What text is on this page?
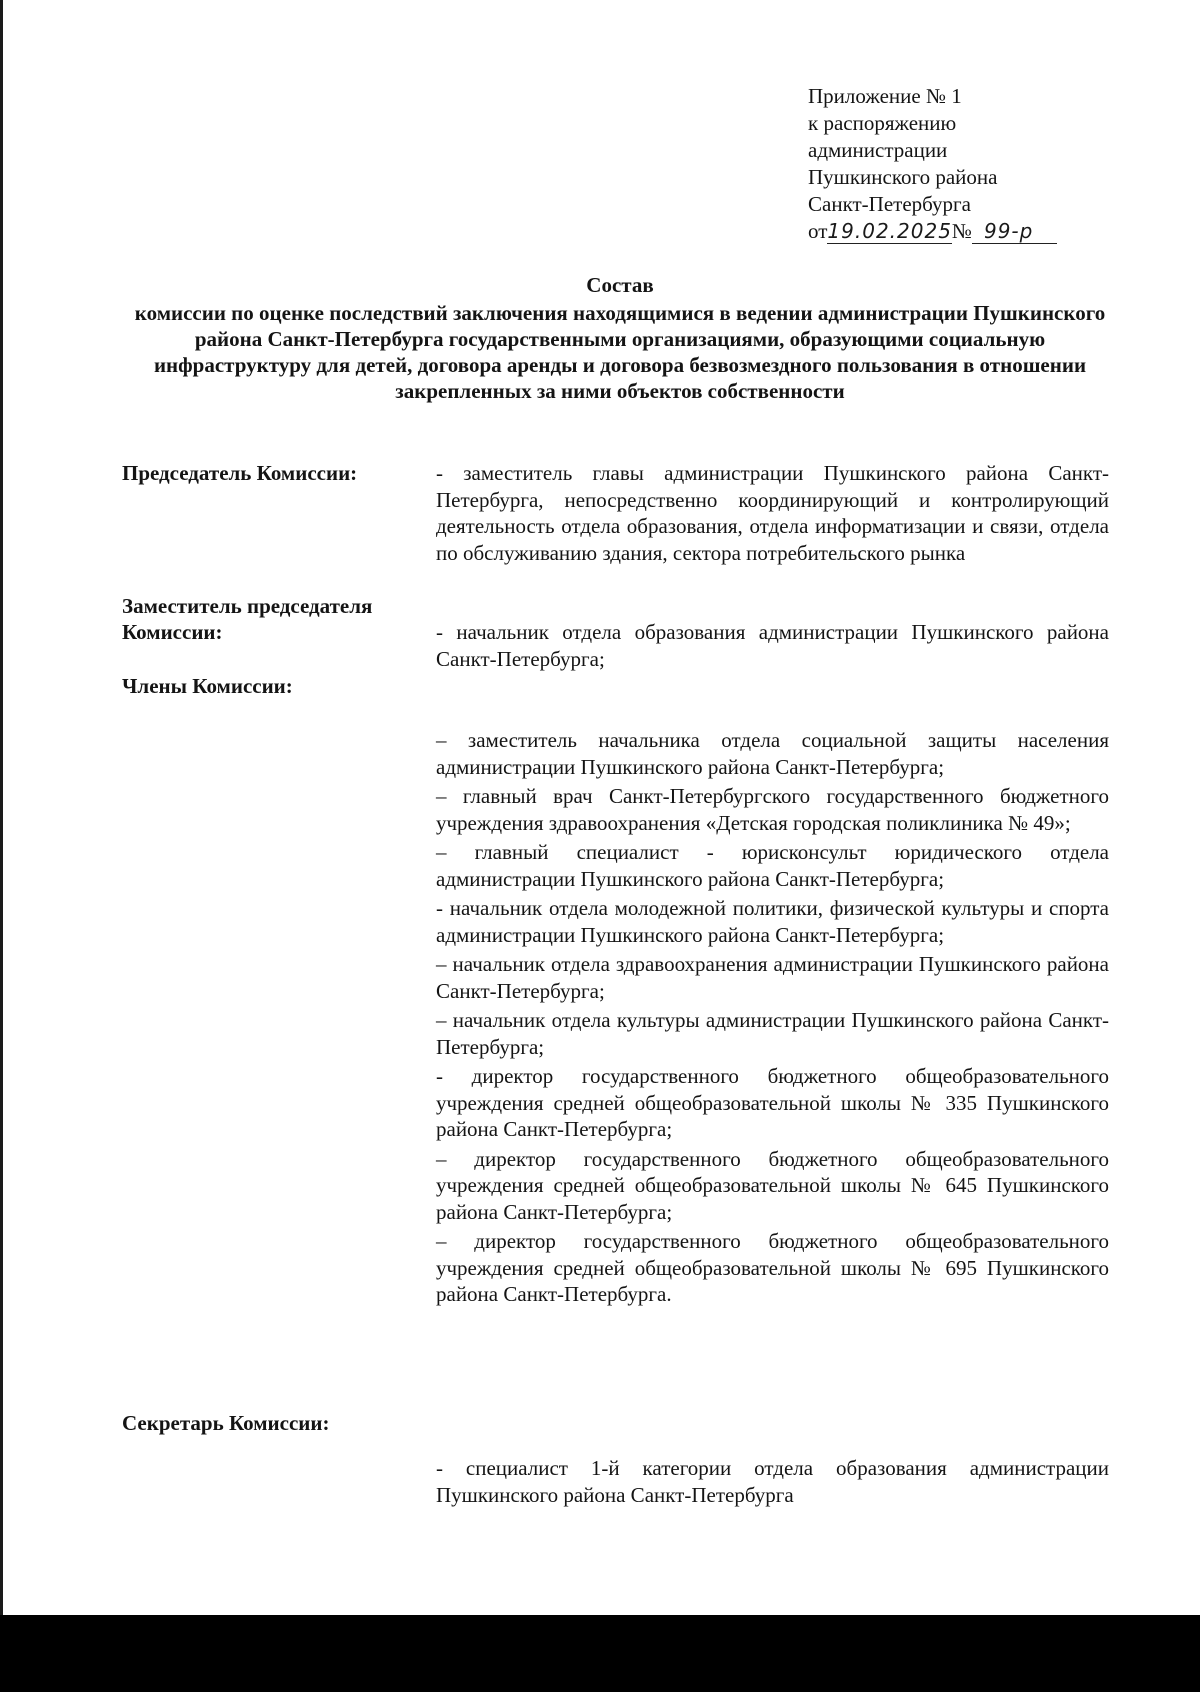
Приложение № 1
к распоряжению
администрации
Пушкинского района
Санкт-Петербурга
от19.02.2025№ 99-р
Состав
комиссии по оценке последствий заключения находящимися в ведении администрации Пушкинского района Санкт-Петербурга государственными организациями, образующими социальную инфраструктуру для детей, договора аренды и договора безвозмездного пользования в отношении закрепленных за ними объектов собственности
Председатель Комиссии:	- заместитель главы администрации Пушкинского района Санкт-Петербурга, непосредственно координирующий и контролирующий деятельность отдела образования, отдела информатизации и связи, отдела по обслуживанию здания, сектора потребительского рынка
Заместитель председателя
Комиссии:	- начальник отдела образования администрации Пушкинского района Санкт-Петербурга;
Члены Комиссии:
– заместитель начальника отдела социальной защиты населения администрации Пушкинского района Санкт-Петербурга;
– главный врач Санкт-Петербургского государственного бюджетного учреждения здравоохранения «Детская городская поликлиника № 49»;
– главный специалист - юрисконсульт юридического отдела администрации Пушкинского района Санкт-Петербурга;
- начальник отдела молодежной политики, физической культуры и спорта администрации Пушкинского района Санкт-Петербурга;
– начальник отдела здравоохранения администрации Пушкинского района Санкт-Петербурга;
– начальник отдела культуры администрации Пушкинского района Санкт-Петербурга;
- директор государственного бюджетного общеобразовательного учреждения средней общеобразовательной школы № 335 Пушкинского района Санкт-Петербурга;
– директор государственного бюджетного общеобразовательного учреждения средней общеобразовательной школы № 645 Пушкинского района Санкт-Петербурга;
– директор государственного бюджетного общеобразовательного учреждения средней общеобразовательной школы № 695 Пушкинского района Санкт-Петербурга.
Секретарь Комиссии:
- специалист 1-й категории отдела образования администрации Пушкинского района Санкт-Петербурга
